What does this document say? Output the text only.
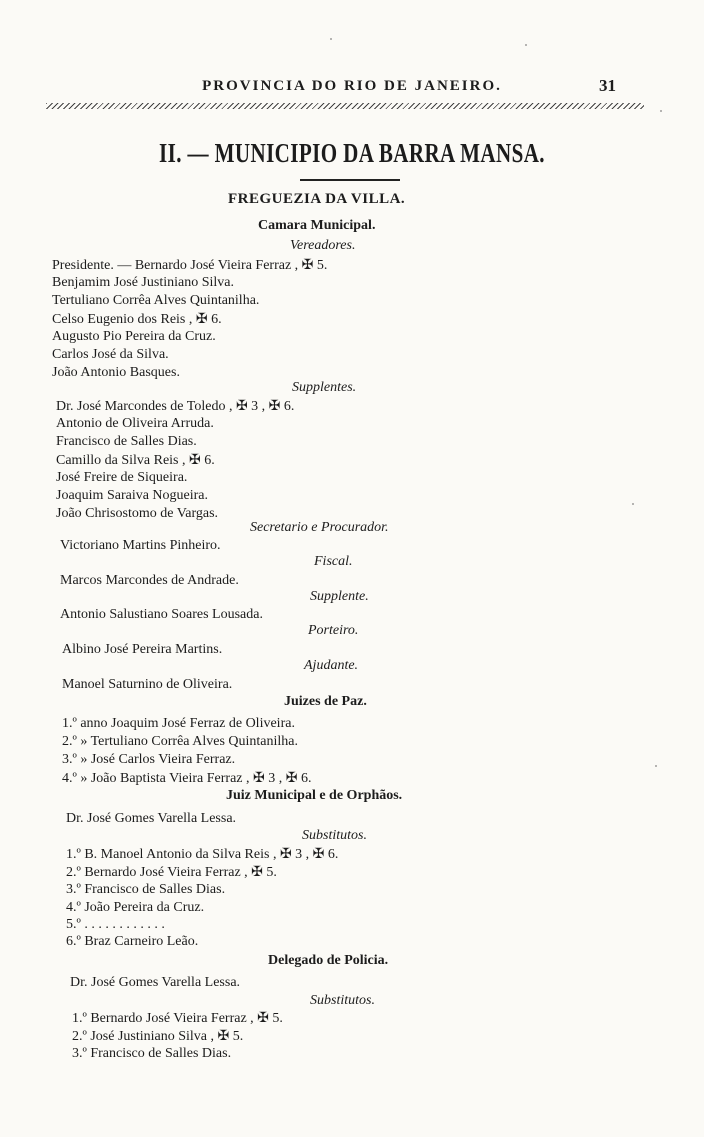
PROVINCIA DO RIO DE JANEIRO.	31
II. — MUNICIPIO DA BARRA MANSA.
FREGUEZIA DA VILLA.
Camara Municipal.
Vereadores.
Presidente. — Bernardo José Vieira Ferraz , ✠ 5.
Benjamim José Justiniano Silva.
Tertuliano Corrêa Alves Quintanilha.
Celso Eugenio dos Reis , ✠ 6.
Augusto Pio Pereira da Cruz.
Carlos José da Silva.
João Antonio Basques.
Supplentes.
Dr. José Marcondes de Toledo , ✠ 3 , ✠ 6.
Antonio de Oliveira Arruda.
Francisco de Salles Dias.
Camillo da Silva Reis , ✠ 6.
José Freire de Siqueira.
Joaquim Saraiva Nogueira.
João Chrisostomo de Vargas.
Secretario e Procurador.
Victoriano Martins Pinheiro.
Fiscal.
Marcos Marcondes de Andrade.
Supplente.
Antonio Salustiano Soares Lousada.
Porteiro.
Albino José Pereira Martins.
Ajudante.
Manoel Saturnino de Oliveira.
Juizes de Paz.
1.º anno Joaquim José Ferraz de Oliveira.
2.º » Tertuliano Corrêa Alves Quintanilha.
3.º » José Carlos Vieira Ferraz.
4.º » João Baptista Vieira Ferraz , ✠ 3 , ✠ 6.
Juiz Municipal e de Orphãos.
Dr. José Gomes Varella Lessa.
Substitutos.
1.º B. Manoel Antonio da Silva Reis , ✠ 3 , ✠ 6.
2.º Bernardo José Vieira Ferraz , ✠ 5.
3.º Francisco de Salles Dias.
4.º João Pereira da Cruz.
5.º . . . . . . . . . . . .
6.º Braz Carneiro Leão.
Delegado de Policia.
Dr. José Gomes Varella Lessa.
Substitutos.
1.º Bernardo José Vieira Ferraz , ✠ 5.
2.º José Justiniano Silva , ✠ 5.
3.º Francisco de Salles Dias.
